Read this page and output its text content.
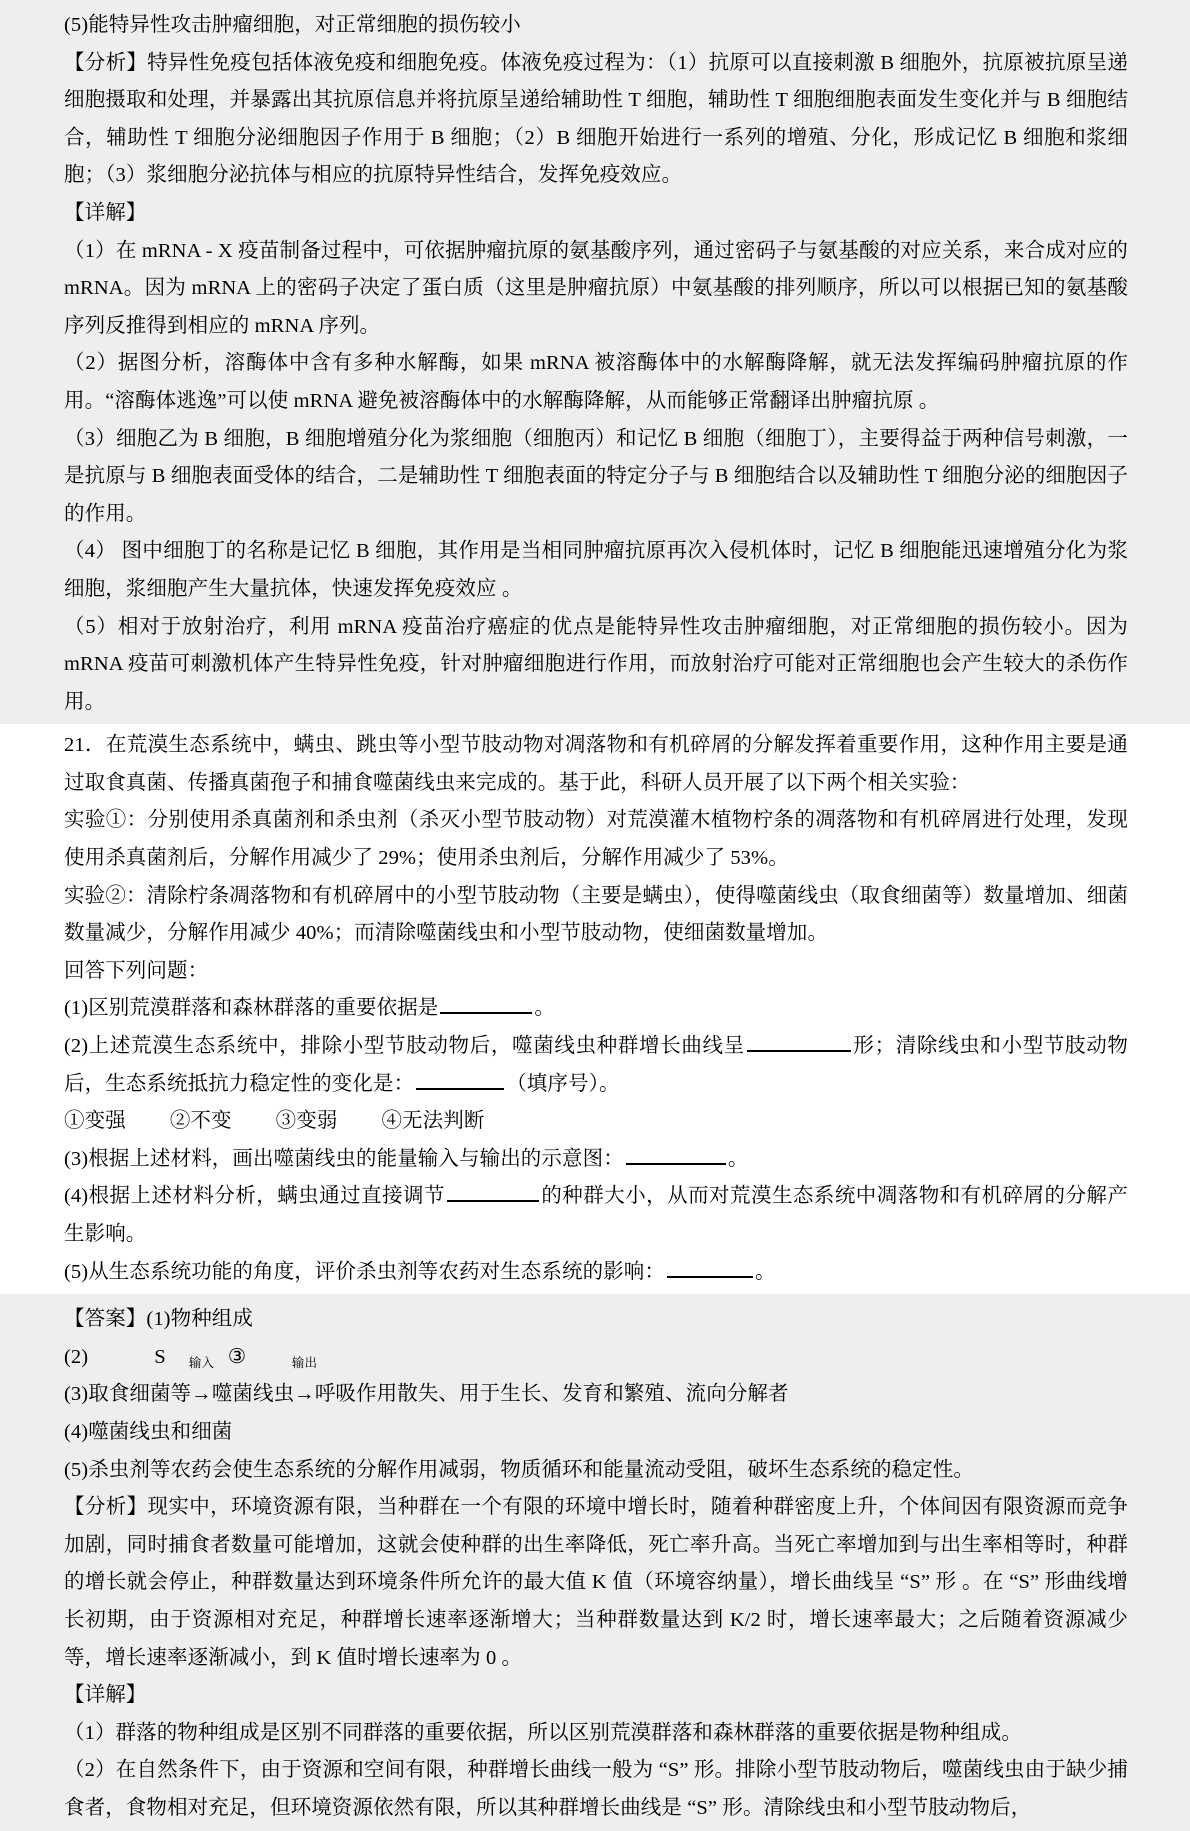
(5)能特异性攻击肿瘤细胞，对正常细胞的损伤较小

【分析】特异性免疫包括体液免疫和细胞免疫。体液免疫过程为：（1）抗原可以直接刺激 B 细胞外，抗原被抗原呈递细胞摄取和处理，并暴露出其抗原信息并将抗原呈递给辅助性 T 细胞，辅助性 T 细胞细胞表面发生变化并与 B 细胞结合，辅助性 T 细胞分泌细胞因子作用于 B 细胞；（2）B 细胞开始进行一系列的增殖、分化，形成记忆 B 细胞和浆细胞；（3）浆细胞分泌抗体与相应的抗原特异性结合，发挥免疫效应。

【详解】

（1）在 mRNA - X 疫苗制备过程中，可依据肿瘤抗原的氨基酸序列，通过密码子与氨基酸的对应关系，来合成对应的 mRNA。因为 mRNA 上的密码子决定了蛋白质（这里是肿瘤抗原）中氨基酸的排列顺序，所以可以根据已知的氨基酸序列反推得到相应的 mRNA 序列。

（2）据图分析，溶酶体中含有多种水解酶，如果 mRNA 被溶酶体中的水解酶降解，就无法发挥编码肿瘤抗原的作用。“溶酶体逃逸”可以使 mRNA 避免被溶酶体中的水解酶降解，从而能够正常翻译出肿瘤抗原 。

（3）细胞乙为 B 细胞，B 细胞增殖分化为浆细胞（细胞丙）和记忆 B 细胞（细胞丁），主要得益于两种信号刺激，一是抗原与 B 细胞表面受体的结合，二是辅助性 T 细胞表面的特定分子与 B 细胞结合以及辅助性 T 细胞分泌的细胞因子的作用。

（4） 图中细胞丁的名称是记忆 B 细胞，其作用是当相同肿瘤抗原再次入侵机体时，记忆 B 细胞能迅速增殖分化为浆细胞，浆细胞产生大量抗体，快速发挥免疫效应 。

（5）相对于放射治疗，利用 mRNA 疫苗治疗癌症的优点是能特异性攻击肿瘤细胞，对正常细胞的损伤较小。因为 mRNA 疫苗可刺激机体产生特异性免疫，针对肿瘤细胞进行作用，而放射治疗可能对正常细胞也会产生较大的杀伤作用。

21．在荒漠生态系统中，螨虫、跳虫等小型节肢动物对凋落物和有机碎屑的分解发挥着重要作用，这种作用主要是通过取食真菌、传播真菌孢子和捕食噬菌线虫来完成的。基于此，科研人员开展了以下两个相关实验：

实验①：分别使用杀真菌剂和杀虫剂（杀灭小型节肢动物）对荒漠灌木植物柠条的凋落物和有机碎屑进行处理，发现使用杀真菌剂后，分解作用减少了 29%；使用杀虫剂后，分解作用减少了 53%。

实验②：清除柠条凋落物和有机碎屑中的小型节肢动物（主要是螨虫），使得噬菌线虫（取食细菌等）数量增加、细菌数量减少，分解作用减少 40%；而清除噬菌线虫和小型节肢动物，使细菌数量增加。

回答下列问题：

(1)区别荒漠群落和森林群落的重要依据是	。

(2)上述荒漠生态系统中，排除小型节肢动物后，噬菌线虫种群增长曲线呈	形；清除线虫和小型节肢动物后，生态系统抵抗力稳定性的变化是：	（填序号）。

①变强 ②不变 ③变弱 ④无法判断

(3)根据上述材料，画出噬菌线虫的能量输入与输出的示意图：	。

(4)根据上述材料分析，螨虫通过直接调节	的种群大小，从而对荒漠生态系统中凋落物和有机碎屑的分解产生影响。

(5)从生态系统功能的角度，评价杀虫剂等农药对生态系统的影响：	。

【答案】(1)物种组成

(2)	S	③

(3)取食细菌等
输入
→噬菌线虫
输出
→呼吸作用散失、用于生长、发育和繁殖、流向分解者

(4)噬菌线虫和细菌

(5)杀虫剂等农药会使生态系统的分解作用减弱，物质循环和能量流动受阻，破坏生态系统的稳定性。

【分析】现实中，环境资源有限，当种群在一个有限的环境中增长时，随着种群密度上升，个体间因有限资源而竞争加剧，同时捕食者数量可能增加，这就会使种群的出生率降低，死亡率升高。当死亡率增加到与出生率相等时，种群的增长就会停止，种群数量达到环境条件所允许的最大值 K 值（环境容纳量），增长曲线呈 “S” 形 。在 “S” 形曲线增长初期，由于资源相对充足，种群增长速率逐渐增大；当种群数量达到 K/2 时，增长速率最大；之后随着资源减少等，增长速率逐渐减小，到 K 值时增长速率为 0 。

【详解】

（1）群落的物种组成是区别不同群落的重要依据，所以区别荒漠群落和森林群落的重要依据是物种组成。

（2）在自然条件下，由于资源和空间有限，种群增长曲线一般为 “S” 形。排除小型节肢动物后，噬菌线虫由于缺少捕食者，食物相对充足，但环境资源依然有限，所以其种群增长曲线是 “S” 形。清除线虫和小型节肢动物后，
